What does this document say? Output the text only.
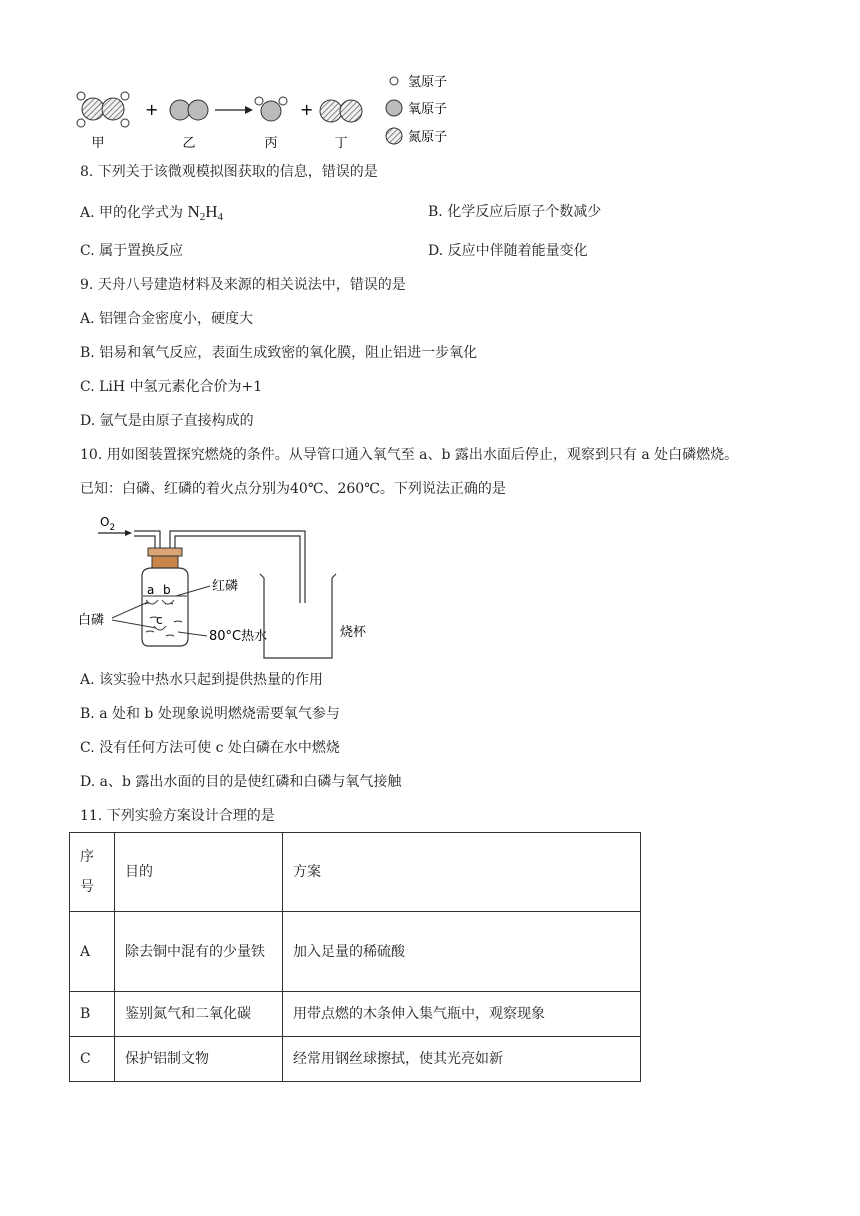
+	+
甲	乙	丙	丁
氢原子
氧原子
氮原子
8. 下列关于该微观模拟图获取的信息，错误的是
A. 甲的化学式为 $N_2H_4$	B. 化学反应后原子个数减少
C. 属于置换反应	D. 反应中伴随着能量变化
9. 天舟八号建造材料及来源的相关说法中，错误的是
A. 铝锂合金密度小，硬度大
B. 铝易和氧气反应，表面生成致密的氧化膜，阻止铝进一步氧化
C. LiH 中氢元素化合价为+1
D. 氩气是由原子直接构成的
10. 用如图装置探究燃烧的条件。从导管口通入氧气至 a、b 露出水面后停止，观察到只有 a 处白磷燃烧。
已知：白磷、红磷的着火点分别为40℃、260℃。下列说法正确的是
$O_2$
a b
c
红磷
白磷
80°C热水	烧杯
A. 该实验中热水只起到提供热量的作用
B. a 处和 b 处现象说明燃烧需要氧气参与
C. 没有任何方法可使 c 处白磷在水中燃烧
D. a、b 露出水面的目的是使红磷和白磷与氧气接触
11. 下列实验方案设计合理的是
序号	目的	方案
A	除去铜中混有的少量铁	加入足量的稀硫酸
B	鉴别氮气和二氧化碳	用带点燃的木条伸入集气瓶中，观察现象
C	保护铝制文物	经常用钢丝球擦拭，使其光亮如新
